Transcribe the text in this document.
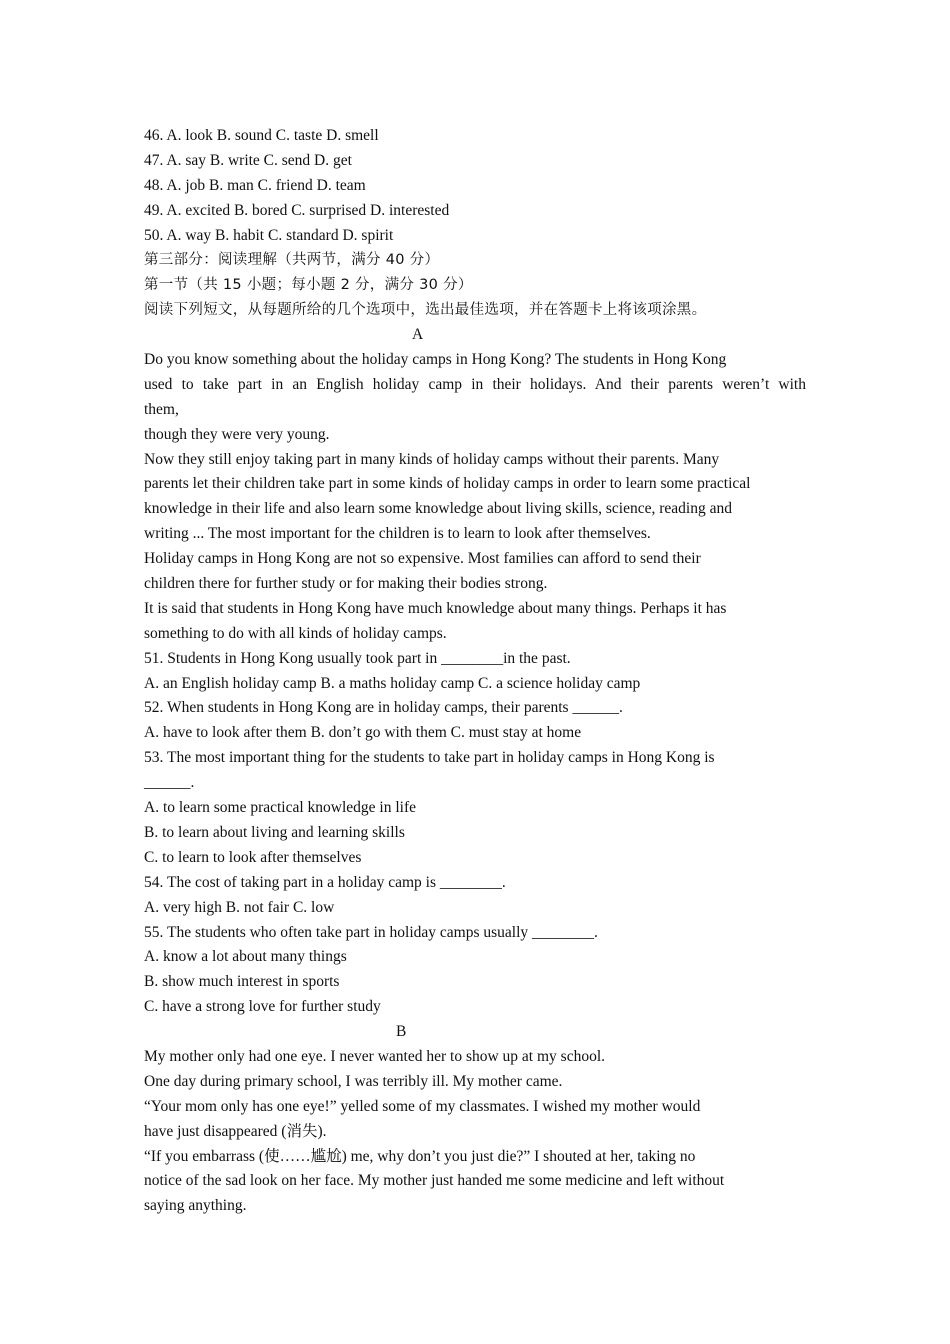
46. A. look B. sound C. taste D. smell
47. A. say B. write C. send D. get
48. A. job B. man C. friend D. team
49. A. excited B. bored C. surprised D. interested
50. A. way B. habit C. standard D. spirit
第三部分：阅读理解（共两节，满分 40 分）
第一节（共 15 小题；每小题 2 分，满分 30 分）
阅读下列短文，从每题所给的几个选项中，选出最佳选项，并在答题卡上将该项涂黑。
A
Do you know something about the holiday camps in Hong Kong? The students in Hong Kong
used to take part in an English holiday camp in their holidays. And their parents weren’t with
them,
though they were very young.
Now they still enjoy taking part in many kinds of holiday camps without their parents. Many
parents let their children take part in some kinds of holiday camps in order to learn some practical
knowledge in their life and also learn some knowledge about living skills, science, reading and
writing ... The most important for the children is to learn to look after themselves.
Holiday camps in Hong Kong are not so expensive. Most families can afford to send their
children there for further study or for making their bodies strong.
It is said that students in Hong Kong have much knowledge about many things. Perhaps it has
something to do with all kinds of holiday camps.
51. Students in Hong Kong usually took part in ________in the past.
A. an English holiday camp B. a maths holiday camp C. a science holiday camp
52. When students in Hong Kong are in holiday camps, their parents ______.
A. have to look after them B. don’t go with them C. must stay at home
53. The most important thing for the students to take part in holiday camps in Hong Kong is
______.
A. to learn some practical knowledge in life
B. to learn about living and learning skills
C. to learn to look after themselves
54. The cost of taking part in a holiday camp is ________.
A. very high B. not fair C. low
55. The students who often take part in holiday camps usually ________.
A. know a lot about many things
B. show much interest in sports
C. have a strong love for further study
B
My mother only had one eye. I never wanted her to show up at my school.
One day during primary school, I was terribly ill. My mother came.
“Your mom only has one eye!” yelled some of my classmates. I wished my mother would
have just disappeared (消失).
“If you embarrass (使……尴尬) me, why don’t you just die?” I shouted at her, taking no
notice of the sad look on her face. My mother just handed me some medicine and left without
saying anything.
